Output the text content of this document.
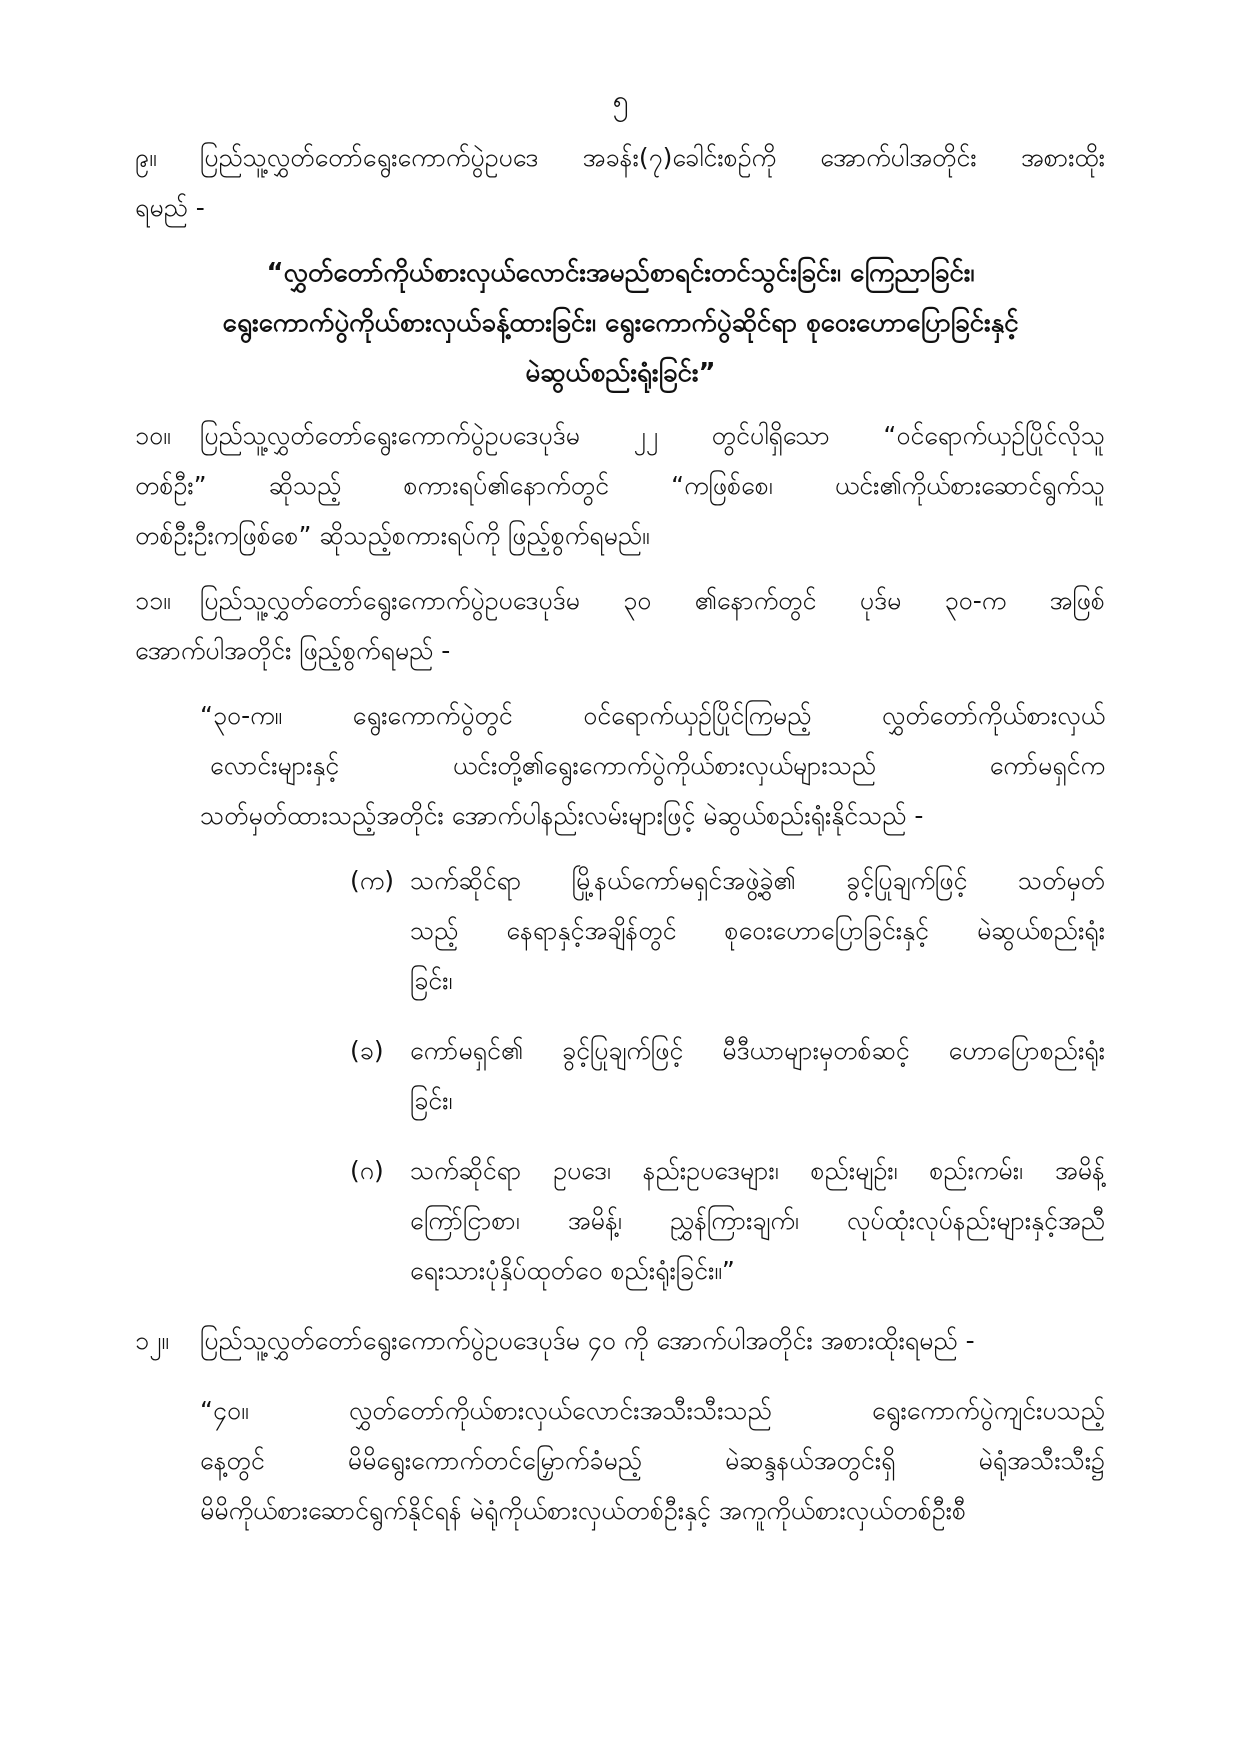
၅
၉။ ပြည်သူ့လွှတ်တော်ရွေးကောက်ပွဲဥပဒေ အခန်း(၇)ခေါင်းစဉ်ကို အောက်ပါအတိုင်း အစားထိုး
ရမည် -
“လွှတ်တော်ကိုယ်စားလှယ်လောင်းအမည်စာရင်းတင်သွင်းခြင်း၊ ကြေညာခြင်း၊
ရွေးကောက်ပွဲကိုယ်စားလှယ်ခန့်ထားခြင်း၊ ရွေးကောက်ပွဲဆိုင်ရာ စုဝေးဟောပြောခြင်းနှင့်
မဲဆွယ်စည်းရုံးခြင်း”
၁၀။ ပြည်သူ့လွှတ်တော်ရွေးကောက်ပွဲဥပဒေပုဒ်မ ၂၂ တွင်ပါရှိသော “ဝင်ရောက်ယှဉ်ပြိုင်လိုသူ
တစ်ဦး” ဆိုသည့် စကားရပ်၏နောက်တွင် “ကဖြစ်စေ၊ ယင်း၏ကိုယ်စားဆောင်ရွက်သူ
တစ်ဦးဦးကဖြစ်စေ” ဆိုသည့်စကားရပ်ကို ဖြည့်စွက်ရမည်။
၁၁။ ပြည်သူ့လွှတ်တော်ရွေးကောက်ပွဲဥပဒေပုဒ်မ ၃၀ ၏နောက်တွင် ပုဒ်မ ၃၀-က အဖြစ်
အောက်ပါအတိုင်း ဖြည့်စွက်ရမည် -
“၃၀-က။ ရွေးကောက်ပွဲတွင် ဝင်ရောက်ယှဉ်ပြိုင်ကြမည့် လွှတ်တော်ကိုယ်စားလှယ်
လောင်းများနှင့် ယင်းတို့၏ရွေးကောက်ပွဲကိုယ်စားလှယ်များသည် ကော်မရှင်က
သတ်မှတ်ထားသည့်အတိုင်း အောက်ပါနည်းလမ်းများဖြင့် မဲဆွယ်စည်းရုံးနိုင်သည် -
(က) သက်ဆိုင်ရာ မြို့နယ်ကော်မရှင်အဖွဲ့ခွဲ၏ ခွင့်ပြုချက်ဖြင့် သတ်မှတ်
သည့် နေရာနှင့်အချိန်တွင် စုဝေးဟောပြောခြင်းနှင့် မဲဆွယ်စည်းရုံး
ခြင်း၊
(ခ) ကော်မရှင်၏ ခွင့်ပြုချက်ဖြင့် မီဒီယာများမှတစ်ဆင့် ဟောပြောစည်းရုံး
ခြင်း၊
(ဂ) သက်ဆိုင်ရာ ဥပဒေ၊ နည်းဥပဒေများ၊ စည်းမျဉ်း၊ စည်းကမ်း၊ အမိန့်
ကြော်ငြာစာ၊ အမိန့်၊ ညွှန်ကြားချက်၊ လုပ်ထုံးလုပ်နည်းများနှင့်အညီ
ရေးသားပုံနှိပ်ထုတ်ဝေ စည်းရုံးခြင်း။”
၁၂။ ပြည်သူ့လွှတ်တော်ရွေးကောက်ပွဲဥပဒေပုဒ်မ ၄၀ ကို အောက်ပါအတိုင်း အစားထိုးရမည် -
“၄၀။ လွှတ်တော်ကိုယ်စားလှယ်လောင်းအသီးသီးသည် ရွေးကောက်ပွဲကျင်းပသည့်
နေ့တွင် မိမိရွေးကောက်တင်မြှောက်ခံမည့် မဲဆန္ဒနယ်အတွင်းရှိ မဲရုံအသီးသီး၌
မိမိကိုယ်စားဆောင်ရွက်နိုင်ရန် မဲရုံကိုယ်စားလှယ်တစ်ဦးနှင့် အကူကိုယ်စားလှယ်တစ်ဦးစီ
